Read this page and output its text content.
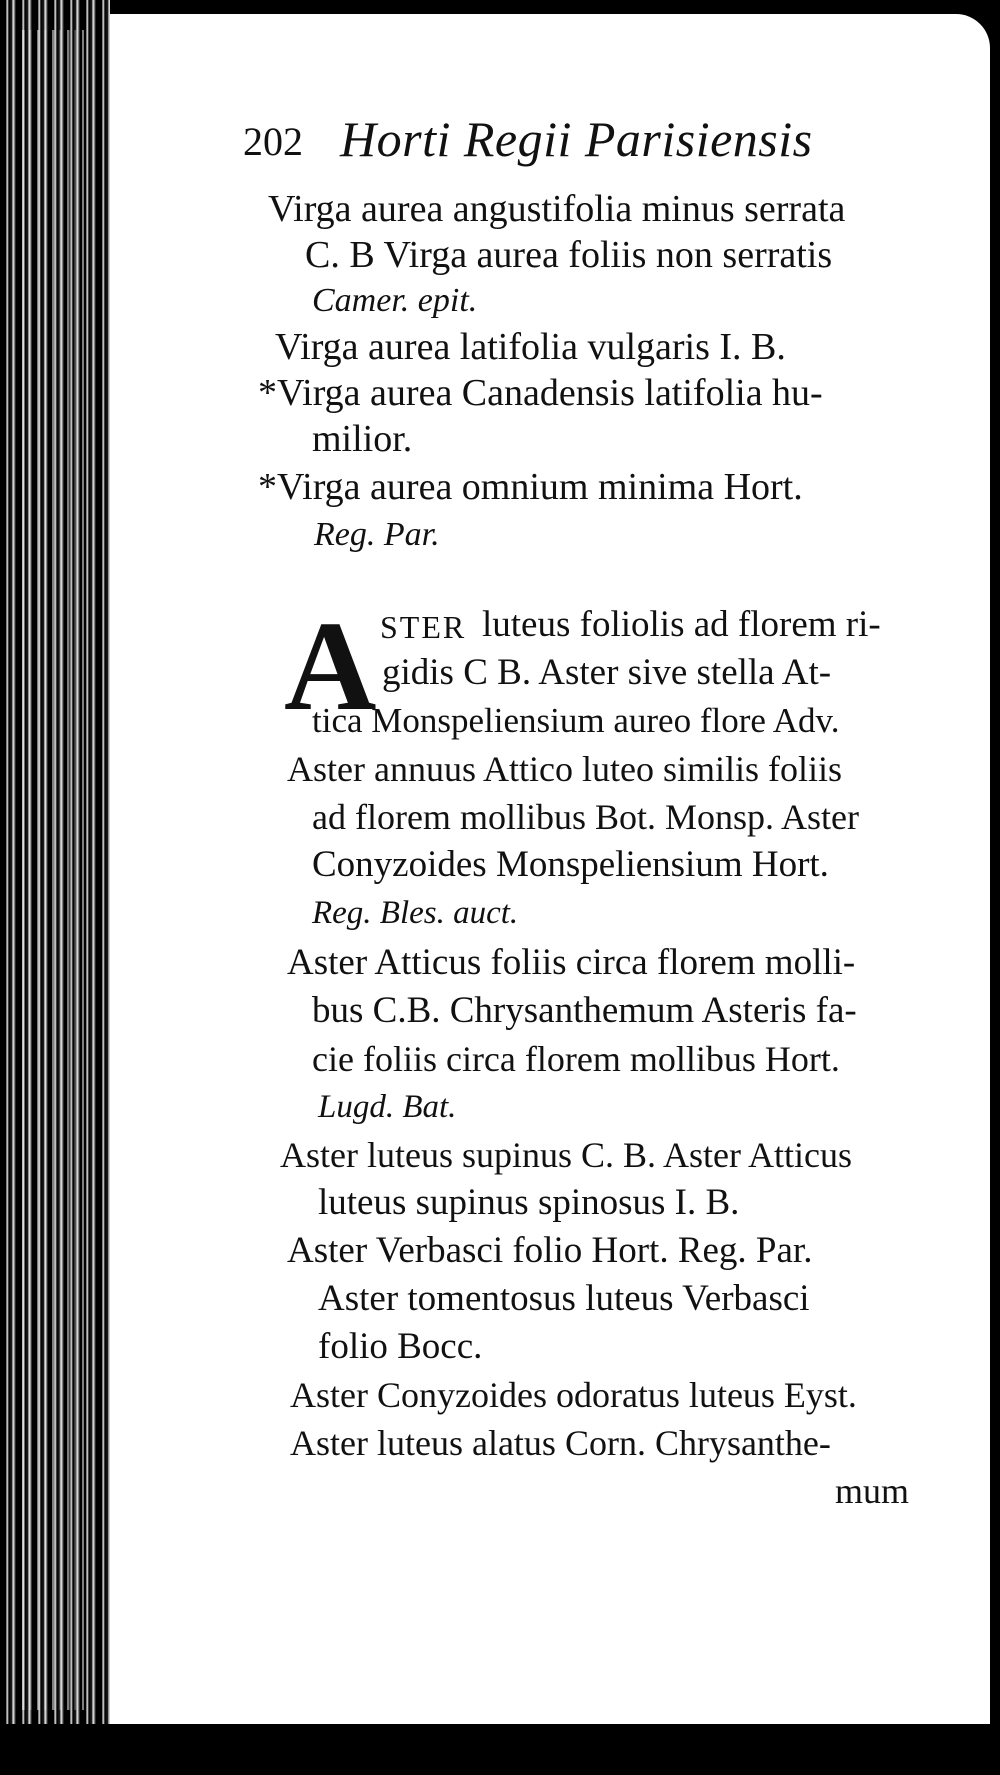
202 Horti Regii Parisiensis
Virga aurea angustifolia minus serrata
C. B Virga aurea foliis non serratis
Camer. epit.
Virga aurea latifolia vulgaris I. B.
*Virga aurea Canadensis latifolia hu-
milior.
*Virga aurea omnium minima Hort.
Reg. Par.
A STER luteus foliolis ad florem ri-
gidis C B. Aster sive stella At-
tica Monspeliensium aureo flore Adv.
Aster annuus Attico luteo similis foliis
ad florem mollibus Bot. Monsp. Aster
Conyzoides Monspeliensium Hort.
Reg. Bles. auct.
Aster Atticus foliis circa florem molli-
bus C.B. Chrysanthemum Asteris fa-
cie foliis circa florem mollibus Hort.
Lugd. Bat.
Aster luteus supinus C. B. Aster Atticus
luteus supinus spinosus I. B.
Aster Verbasci folio Hort. Reg. Par.
Aster tomentosus luteus Verbasci
folio Bocc.
Aster Conyzoides odoratus luteus Eyst.
Aster luteus alatus Corn. Chrysanthe-
mum
